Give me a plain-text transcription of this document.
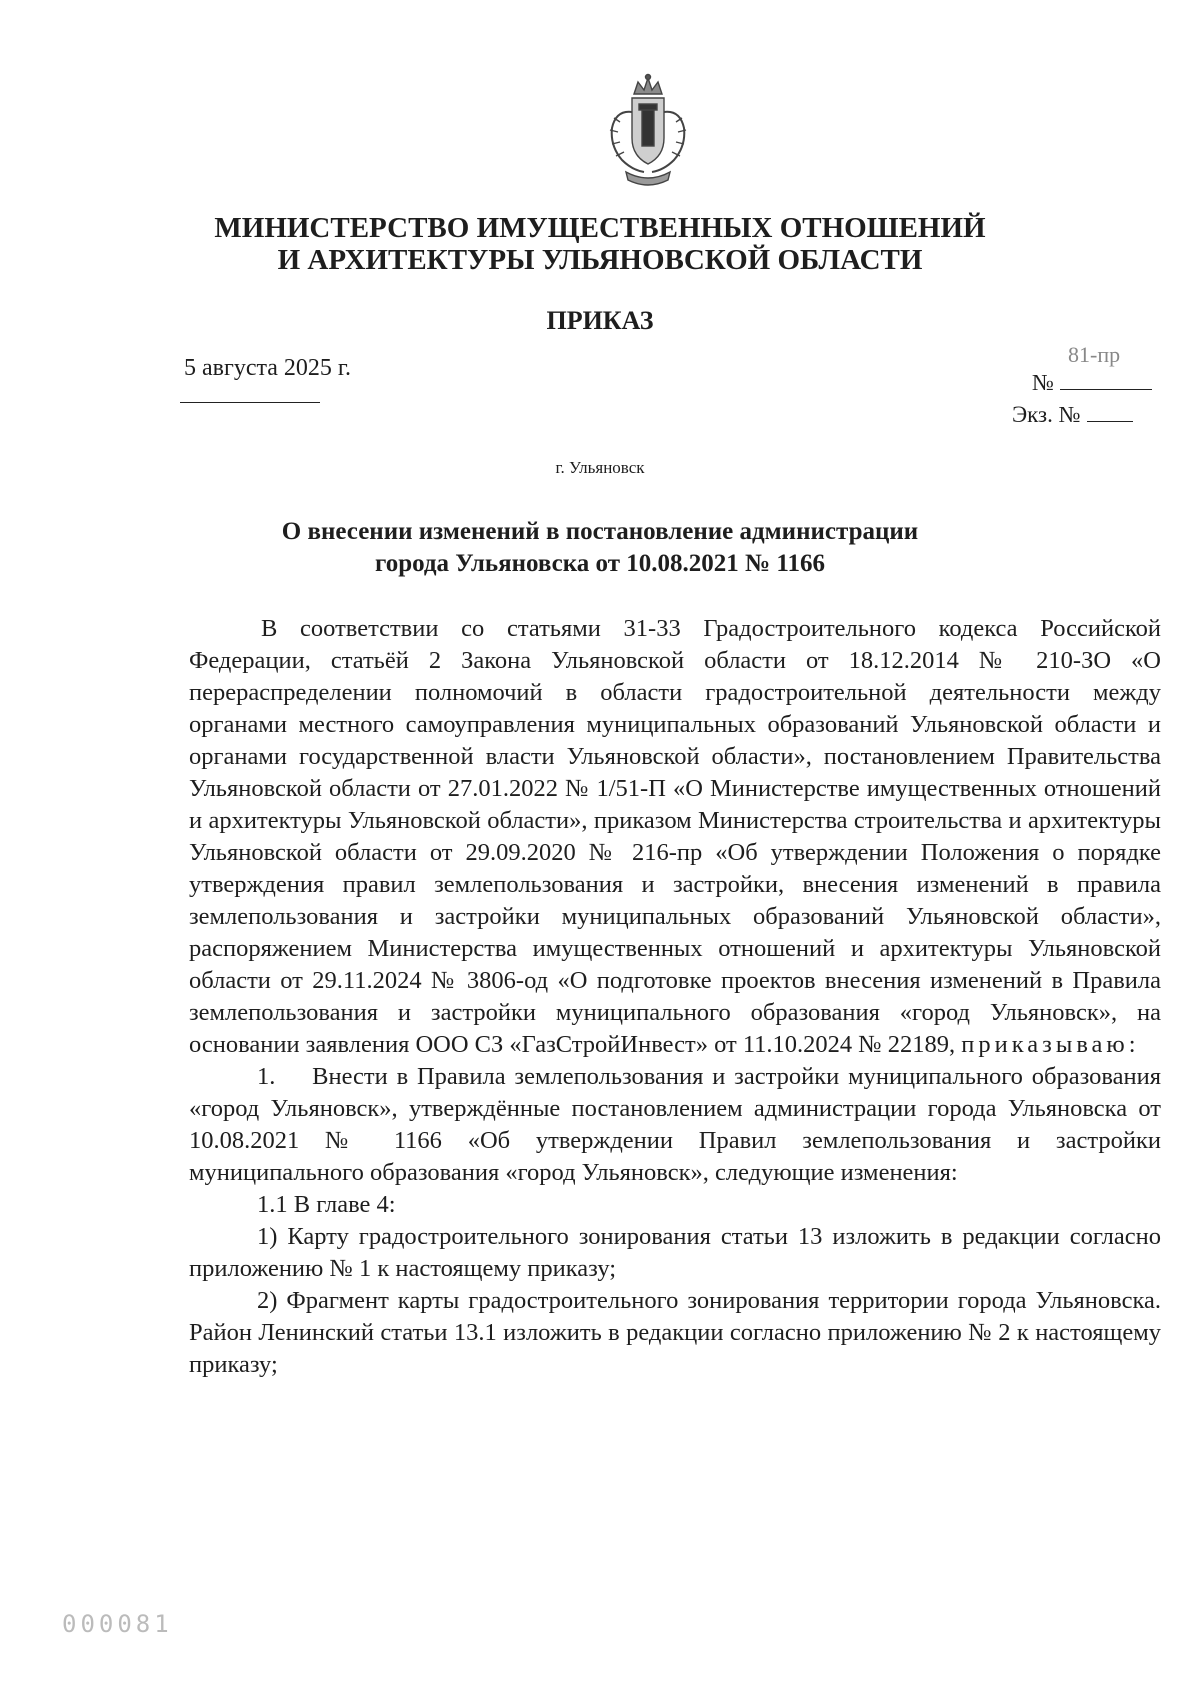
МИНИСТЕРСТВО ИМУЩЕСТВЕННЫХ ОТНОШЕНИЙ
И АРХИТЕКТУРЫ УЛЬЯНОВСКОЙ ОБЛАСТИ
ПРИКАЗ
5 августа 2025 г.
81-пр
№
Экз. №
г. Ульяновск
О внесении изменений в постановление администрации
города Ульяновска от 10.08.2021 № 1166

В соответствии со статьями 31-33 Градостроительного кодекса Российской Федерации, статьёй 2 Закона Ульяновской области от 18.12.2014 № 210-ЗО «О перераспределении полномочий в области градостроительной деятельности между органами местного самоуправления муниципальных образований Ульяновской области и органами государственной власти Ульяновской области», постановлением Правительства Ульяновской области от 27.01.2022 № 1/51-П «О Министерстве имущественных отношений и архитектуры Ульяновской области», приказом Министерства строительства и архитектуры Ульяновской области от 29.09.2020 № 216-пр «Об утверждении Положения о порядке утверждения правил землепользования и застройки, внесения изменений в правила землепользования и застройки муниципальных образований Ульяновской области», распоряжением Министерства имущественных отношений и архитектуры Ульяновской области от 29.11.2024 № 3806-од «О подготовке проектов внесения изменений в Правила землепользования и застройки муниципального образования «город Ульяновск», на основании заявления ООО СЗ «ГазСтройИнвест» от 11.10.2024 № 22189, приказываю:

1.  Внести в Правила землепользования и застройки муниципального образования «город Ульяновск», утверждённые постановлением администрации города Ульяновска от 10.08.2021 № 1166 «Об утверждении Правил землепользования и застройки муниципального образования «город Ульяновск», следующие изменения:

1.1 В главе 4:

1) Карту градостроительного зонирования статьи 13 изложить в редакции согласно приложению № 1 к настоящему приказу;

2) Фрагмент карты градостроительного зонирования территории города Ульяновска. Район Ленинский статьи 13.1 изложить в редакции согласно приложению № 2 к настоящему приказу;

000081
